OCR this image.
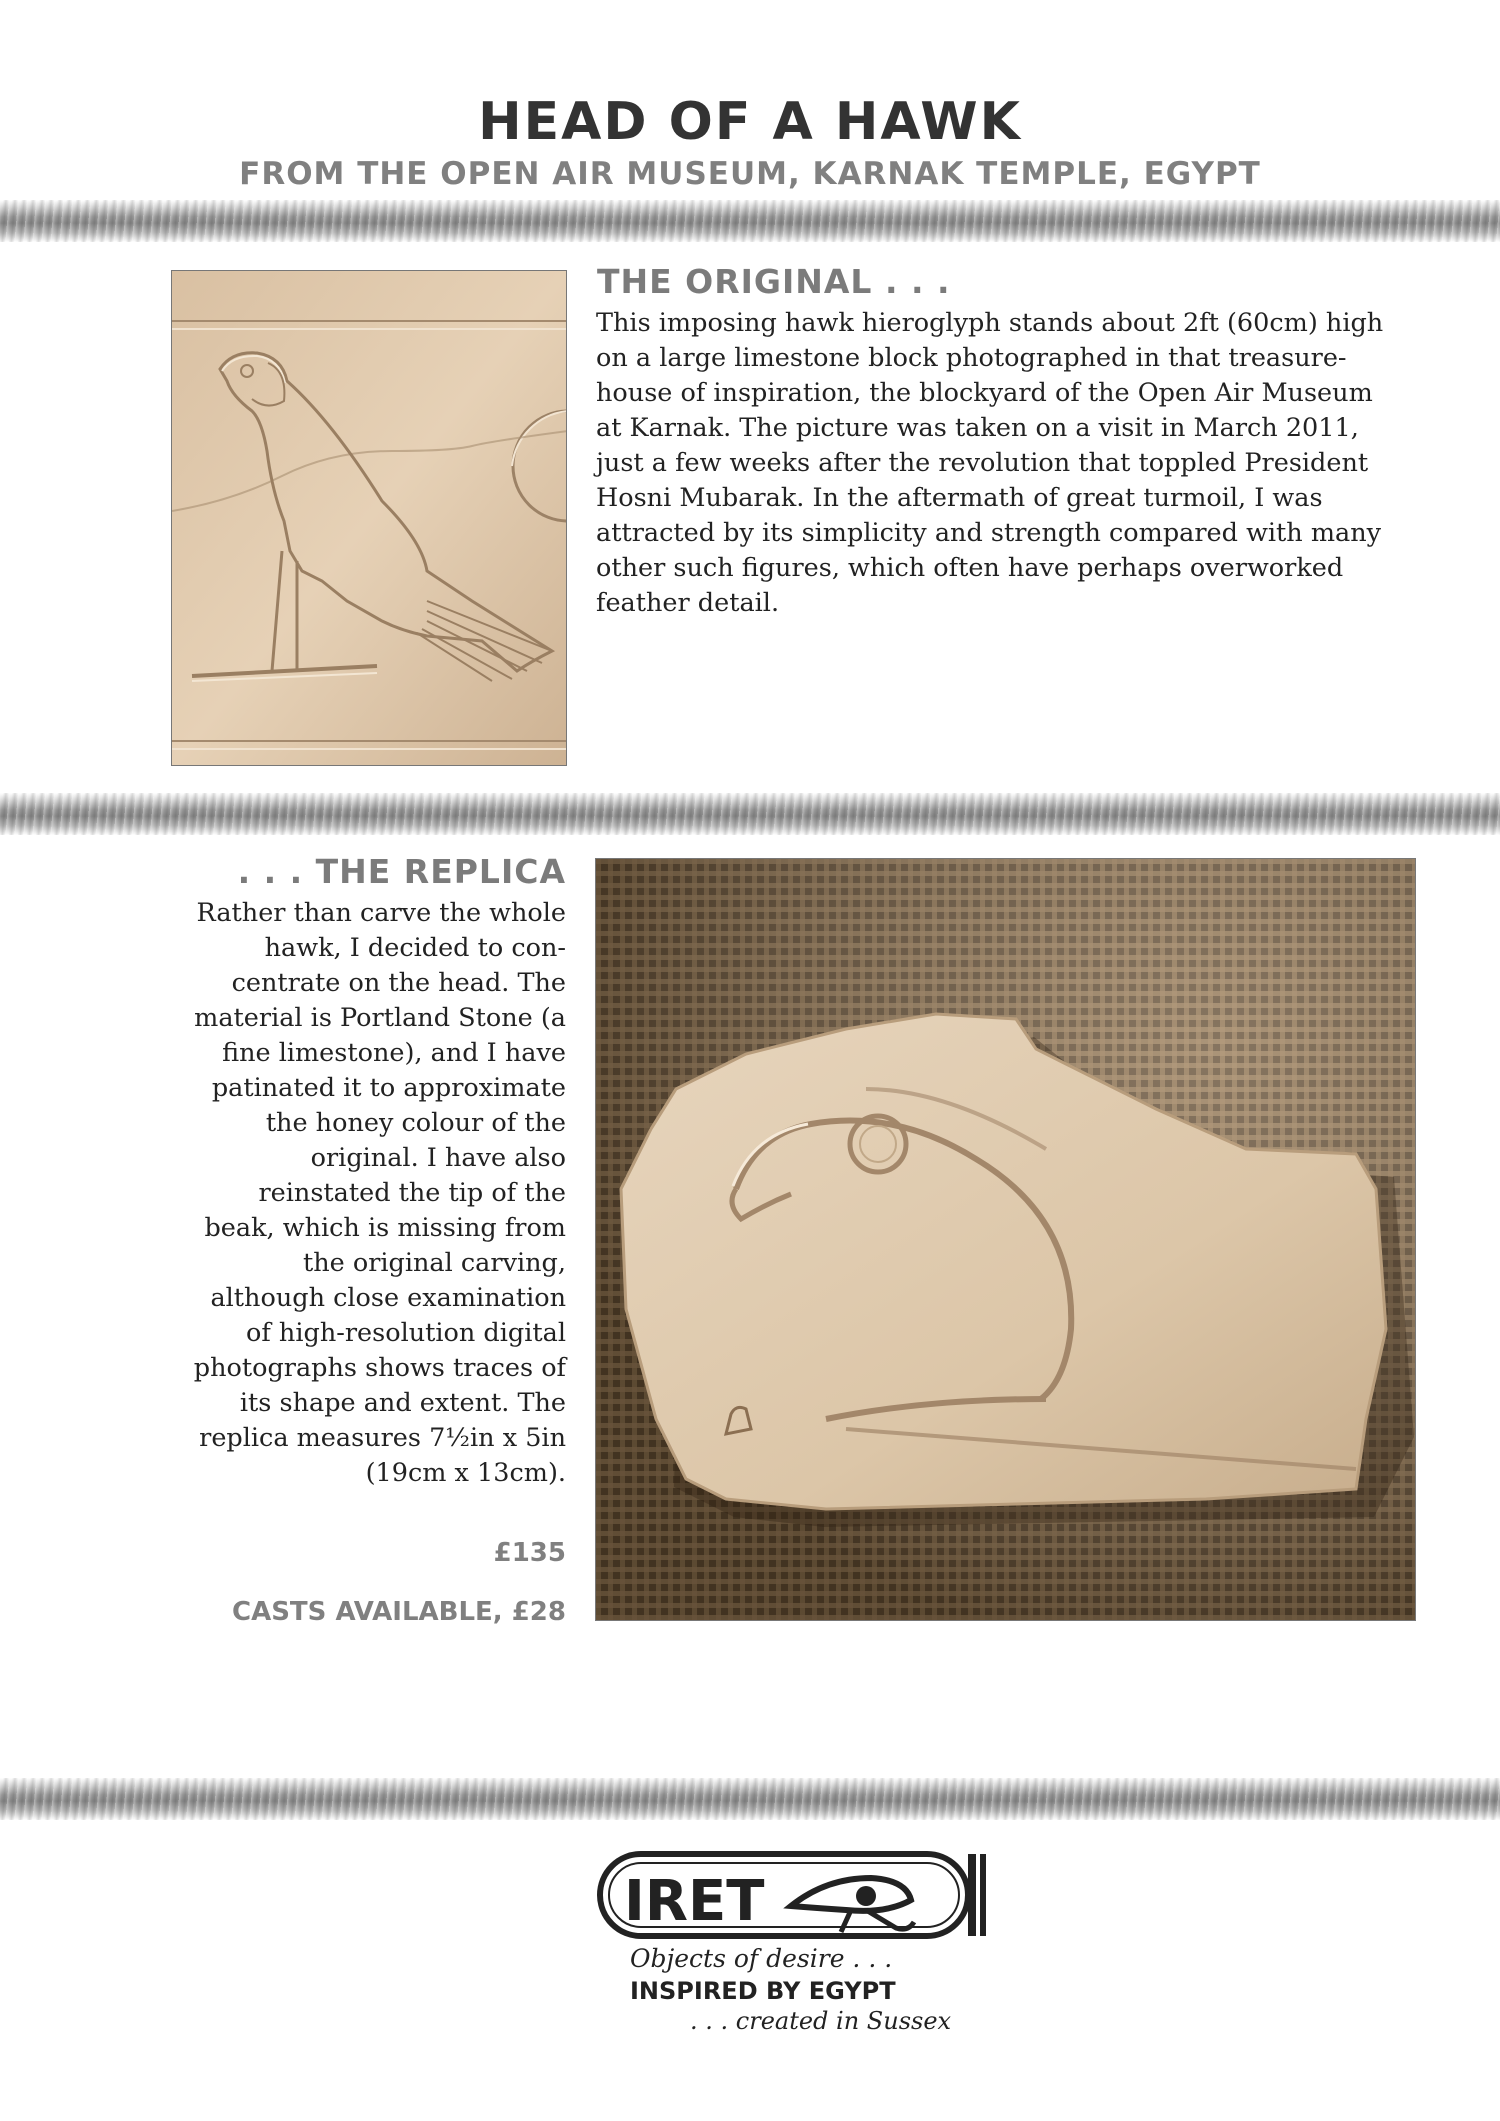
HEAD OF A HAWK
FROM THE OPEN AIR MUSEUM, KARNAK TEMPLE, EGYPT
THE ORIGINAL . . .
This imposing hawk hieroglyph stands about 2ft (60cm) high
on a large limestone block photographed in that treasure-
house of inspiration, the blockyard of the Open Air Museum
at Karnak. The picture was taken on a visit in March 2011,
just a few weeks after the revolution that toppled President
Hosni Mubarak. In the aftermath of great turmoil, I was
attracted by its simplicity and strength compared with many
other such figures, which often have perhaps overworked
feather detail.
. . . THE REPLICA
Rather than carve the whole
hawk, I decided to con-
centrate on the head. The
material is Portland Stone (a
fine limestone), and I have
patinated it to approximate
the honey colour of the
original. I have also
reinstated the tip of the
beak, which is missing from
the original carving,
although close examination
of high-resolution digital
photographs shows traces of
its shape and extent. The
replica measures 7½in x 5in
(19cm x 13cm).
£135
CASTS AVAILABLE, £28
IRET

Objects of desire . . .

INSPIRED BY EGYPT

. . . created in Sussex
